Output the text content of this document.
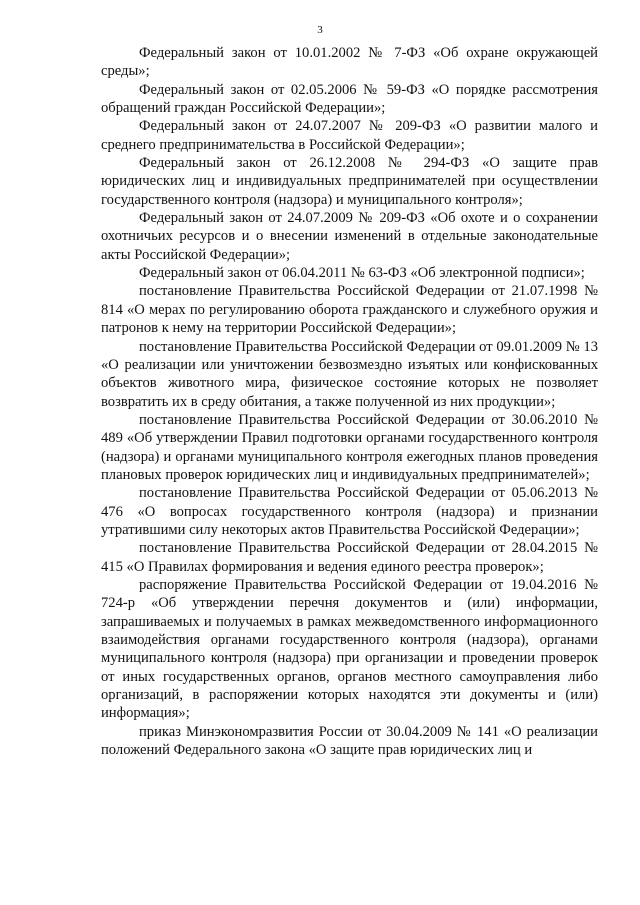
3

Федеральный закон от 10.01.2002 № 7-ФЗ «Об охране окружающей среды»;

Федеральный закон от 02.05.2006 № 59-ФЗ «О порядке рассмотрения обращений граждан Российской Федерации»;

Федеральный закон от 24.07.2007 № 209-ФЗ «О развитии малого и среднего предпринимательства в Российской Федерации»;

Федеральный закон от 26.12.2008 № 294-ФЗ «О защите прав юридических лиц и индивидуальных предпринимателей при осуществлении государственного контроля (надзора) и муниципального контроля»;

Федеральный закон от 24.07.2009 № 209-ФЗ «Об охоте и о сохранении охотничьих ресурсов и о внесении изменений в отдельные законодательные акты Российской Федерации»;

Федеральный закон от 06.04.2011 № 63-ФЗ «Об электронной подписи»;

постановление Правительства Российской Федерации от 21.07.1998 № 814 «О мерах по регулированию оборота гражданского и служебного оружия и патронов к нему на территории Российской Федерации»;

постановление Правительства Российской Федерации от 09.01.2009 № 13 «О реализации или уничтожении безвозмездно изъятых или конфискованных объектов животного мира, физическое состояние которых не позволяет возвратить их в среду обитания, а также полученной из них продукции»;

постановление Правительства Российской Федерации от 30.06.2010 № 489 «Об утверждении Правил подготовки органами государственного контроля (надзора) и органами муниципального контроля ежегодных планов проведения плановых проверок юридических лиц и индивидуальных предпринимателей»;

постановление Правительства Российской Федерации от 05.06.2013 № 476 «О вопросах государственного контроля (надзора) и признании утратившими силу некоторых актов Правительства Российской Федерации»;

постановление Правительства Российской Федерации от 28.04.2015 № 415 «О Правилах формирования и ведения единого реестра проверок»;

распоряжение Правительства Российской Федерации от 19.04.2016 № 724-р «Об утверждении перечня документов и (или) информации, запрашиваемых и получаемых в рамках межведомственного информационного взаимодействия органами государственного контроля (надзора), органами муниципального контроля (надзора) при организации и проведении проверок от иных государственных органов, органов местного самоуправления либо организаций, в распоряжении которых находятся эти документы и (или) информация»;

приказ Минэкономразвития России от 30.04.2009 № 141 «О реализации положений Федерального закона «О защите прав юридических лиц и
